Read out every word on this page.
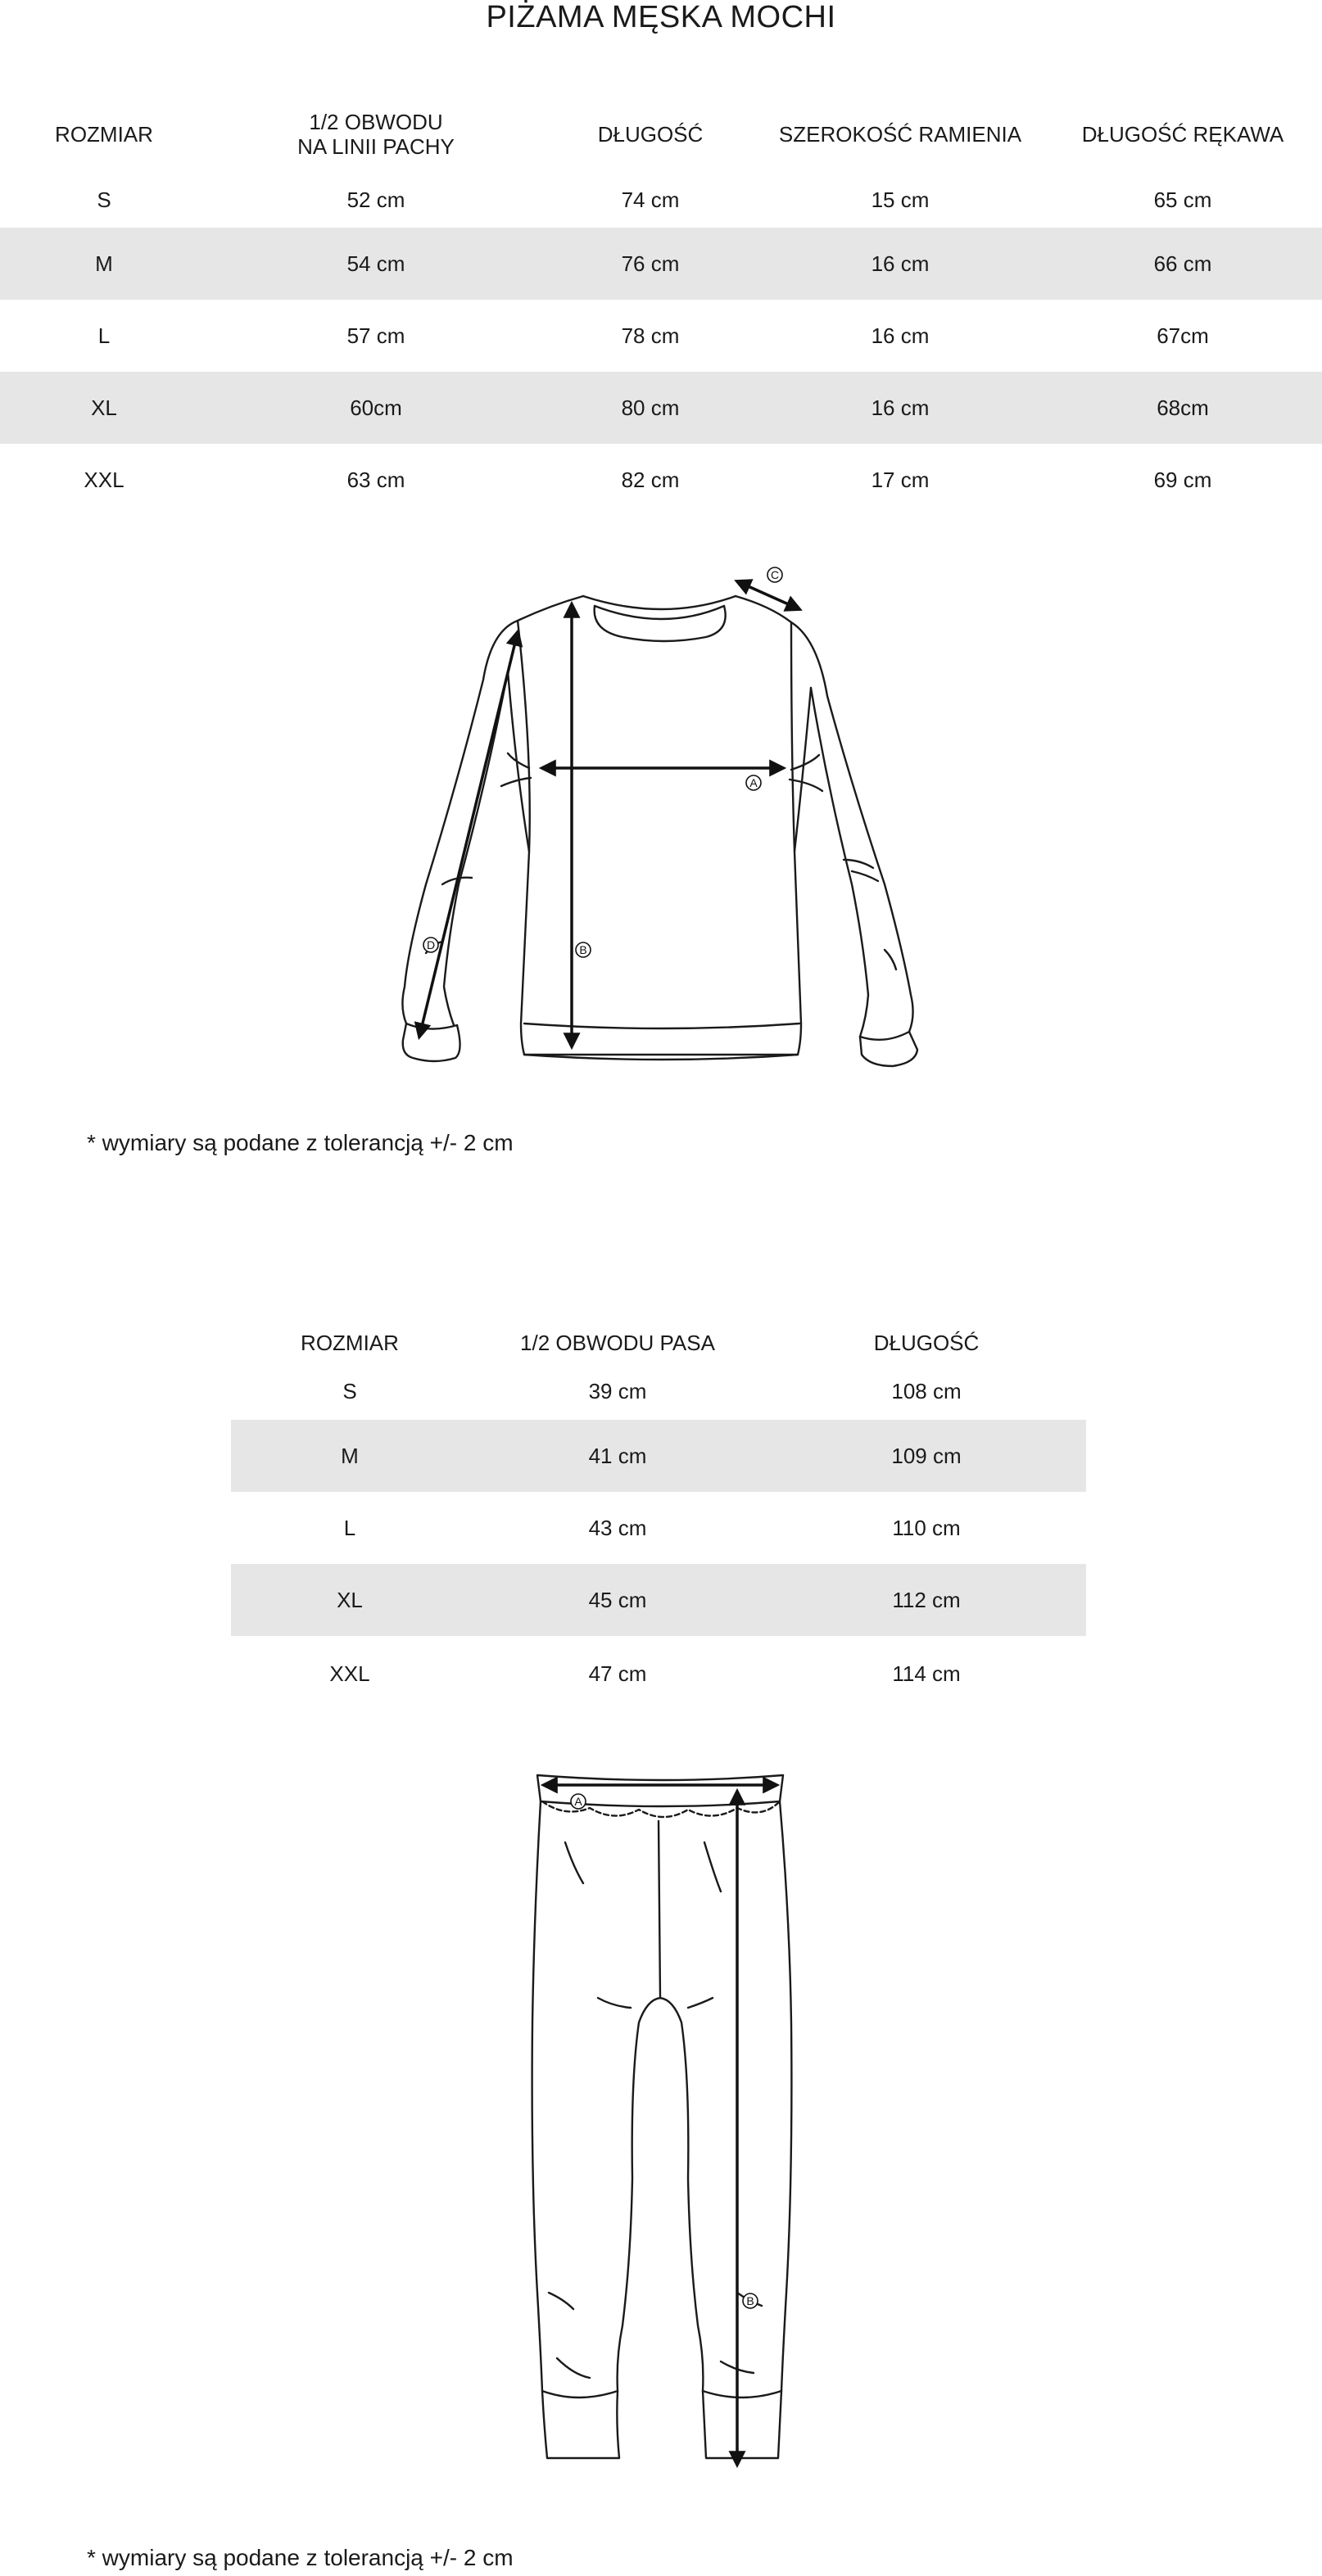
PIŻAMA MĘSKA MOCHI
ROZMIAR	1/2 OBWODU
NA LINII PACHY	DŁUGOŚĆ	SZEROKOŚĆ RAMIENIA	DŁUGOŚĆ RĘKAWA
S	52 cm	74 cm	15 cm	65 cm
M	54 cm	76 cm	16 cm	66 cm
L	57 cm	78 cm	16 cm	67cm
XL	60cm	80 cm	16 cm	68cm
XXL	63 cm	82 cm	17 cm	69 cm
A
B
C
D
* wymiary są podane z tolerancją +/- 2 cm
ROZMIAR	1/2 OBWODU PASA	DŁUGOŚĆ
S	39 cm	108 cm
M	41 cm	109 cm
L	43 cm	110 cm
XL	45 cm	112 cm
XXL	47 cm	114 cm
A
B
* wymiary są podane z tolerancją +/- 2 cm
